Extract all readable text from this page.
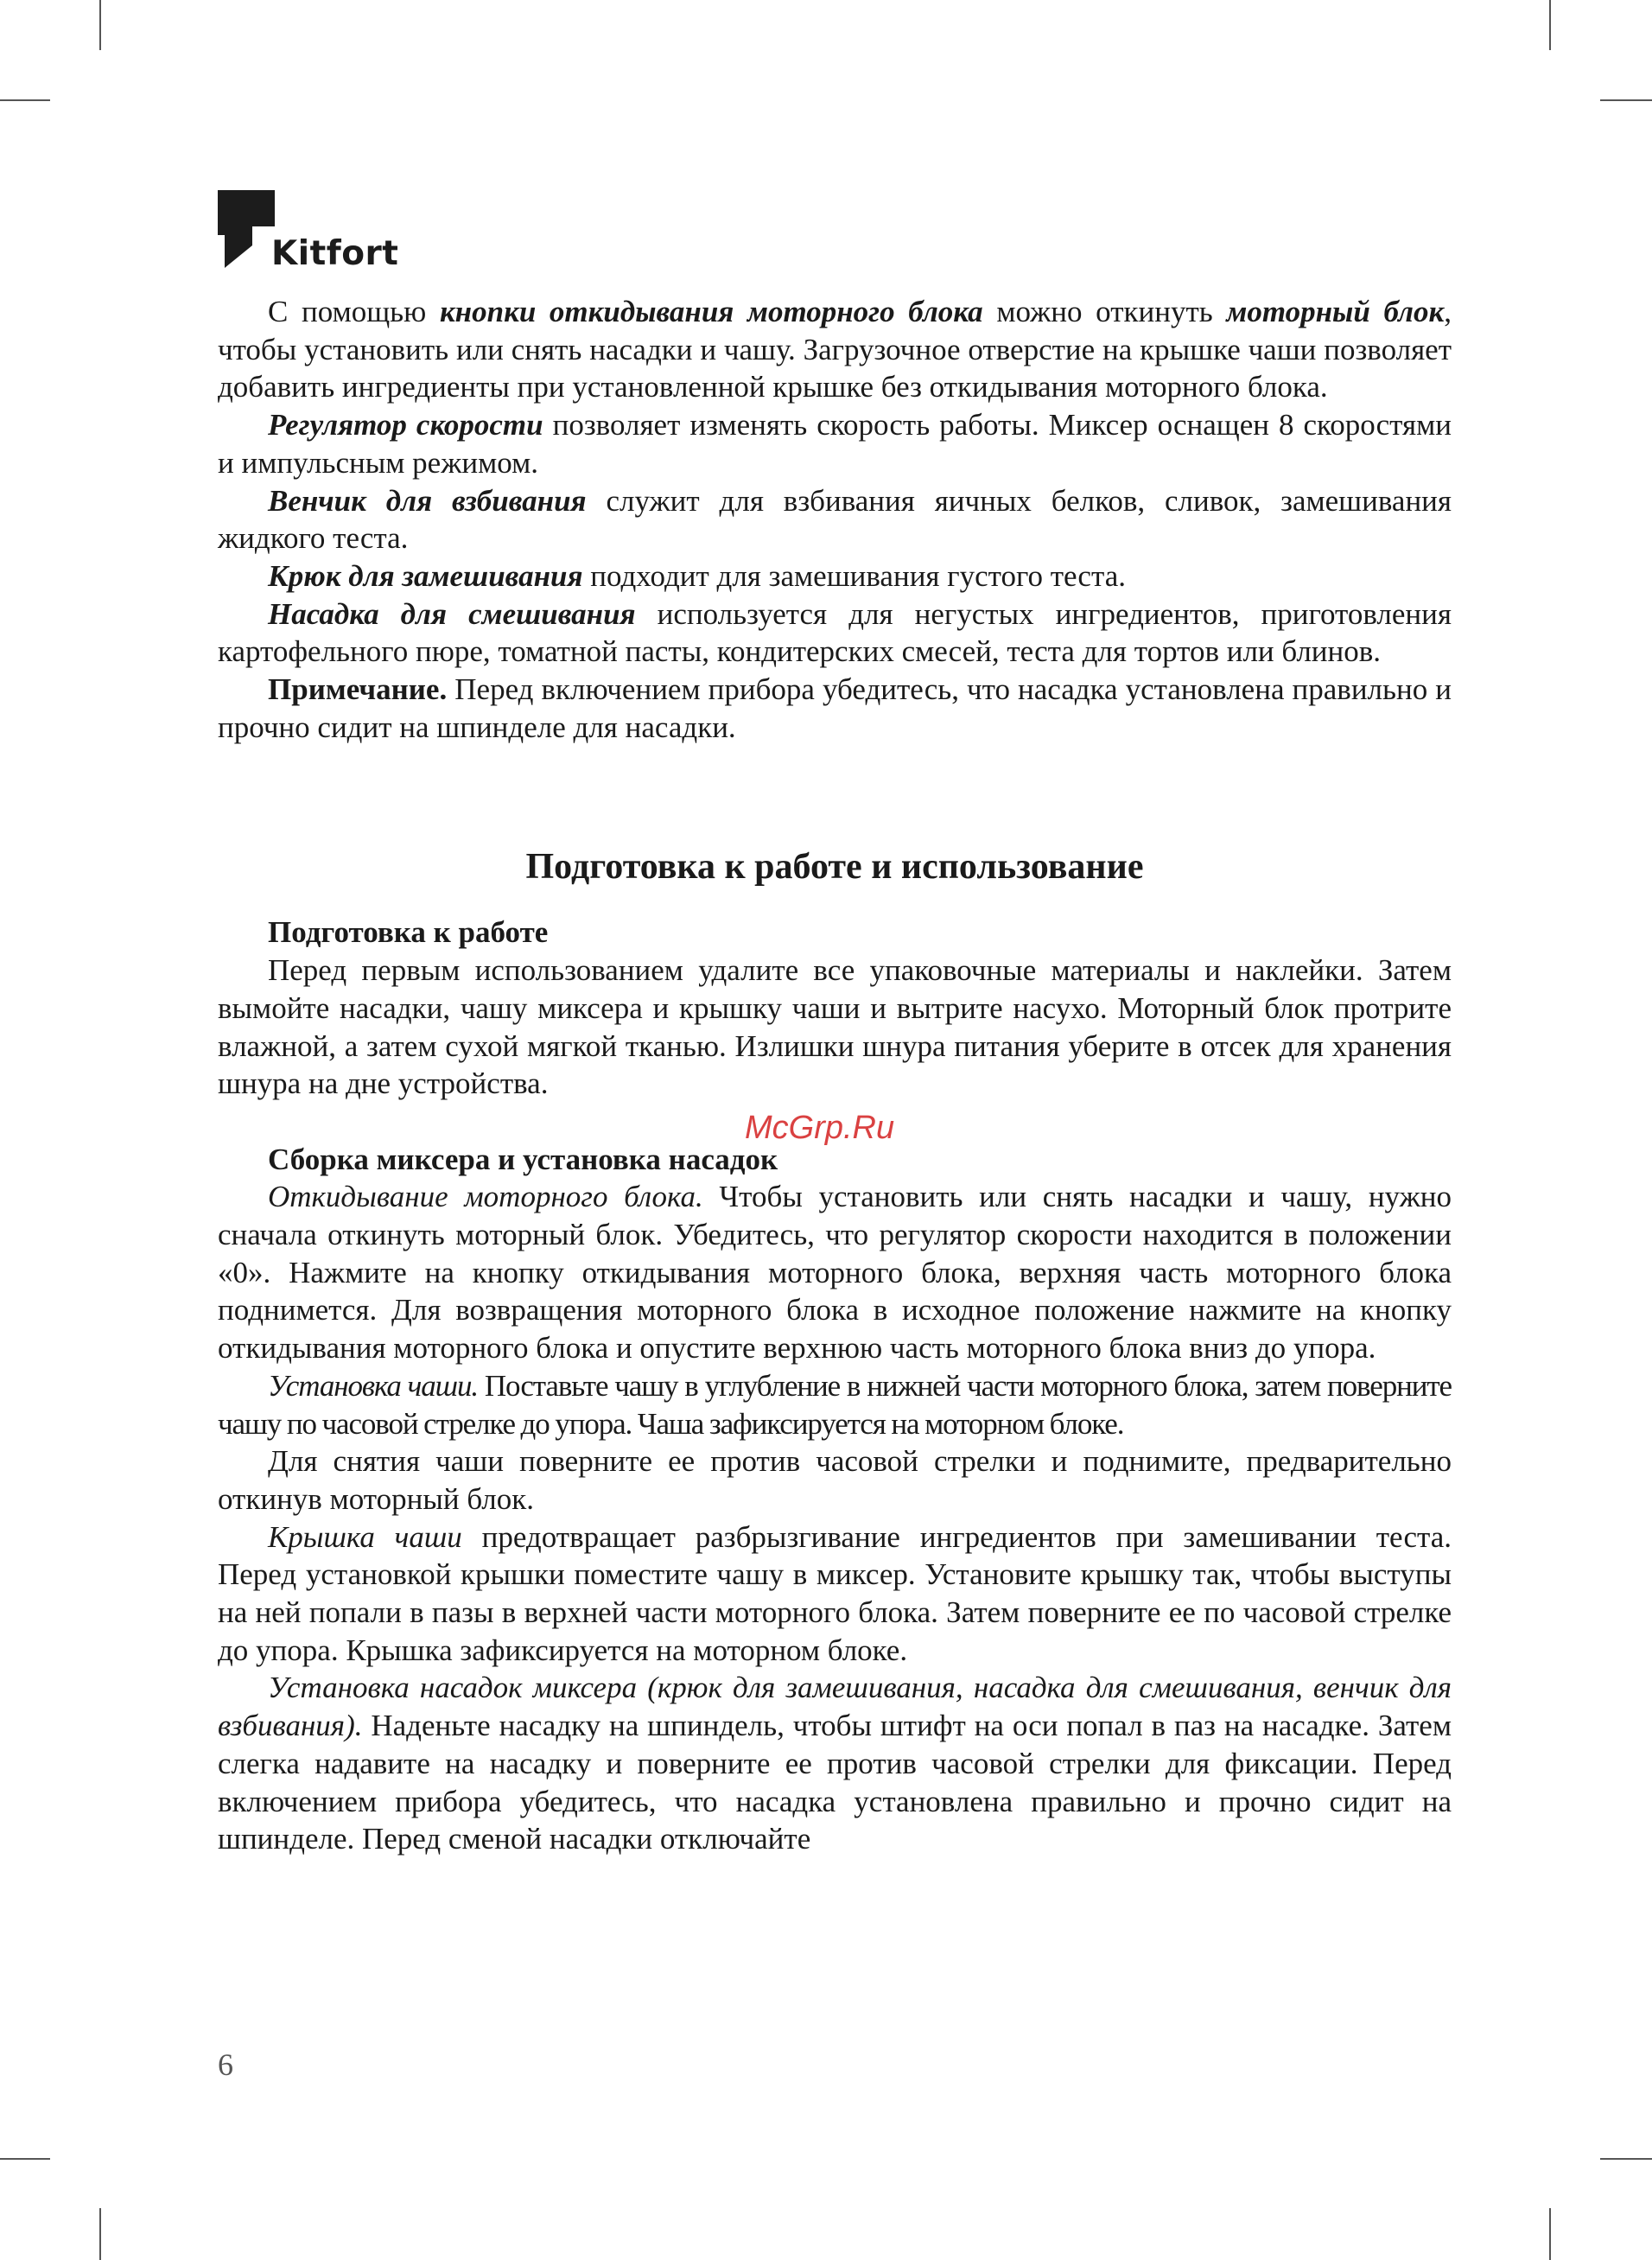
Kitfort

С помощью кнопки откидывания моторного блока можно откинуть моторный блок, чтобы установить или снять насадки и чашу. Загрузочное отверстие на крышке чаши позволяет добавить ингредиенты при установленной крышке без откидывания моторного блока.

Регулятор скорости позволяет изменять скорость работы. Миксер оснащен 8 скоростями и импульсным режимом.

Венчик для взбивания служит для взбивания яичных белков, сливок, замешивания жидкого теста.

Крюк для замешивания подходит для замешивания густого теста.

Насадка для смешивания используется для негустых ингредиентов, приготовления картофельного пюре, томатной пасты, кондитерских смесей, теста для тортов или блинов.

Примечание. Перед включением прибора убедитесь, что насадка установлена правильно и прочно сидит на шпинделе для насадки.

Подготовка к работе и использование

Подготовка к работе

Перед первым использованием удалите все упаковочные материалы и наклейки. Затем вымойте насадки, чашу миксера и крышку чаши и вытрите насухо. Моторный блок протрите влажной, а затем сухой мягкой тканью. Излишки шнура питания уберите в отсек для хранения шнура на дне устройства.

Сборка миксера и установка насадок

Откидывание моторного блока. Чтобы установить или снять насадки и чашу, нужно сначала откинуть моторный блок. Убедитесь, что регулятор скорости находится в положении «0». Нажмите на кнопку откидывания моторного блока, верхняя часть моторного блока поднимется. Для возвращения моторного блока в исходное положение нажмите на кнопку откидывания моторного блока и опустите верхнюю часть моторного блока вниз до упора.

Установка чаши. Поставьте чашу в углубление в нижней части моторного блока, затем поверните чашу по часовой стрелке до упора. Чаша зафиксируется на моторном блоке.

Для снятия чаши поверните ее против часовой стрелки и поднимите, предварительно откинув моторный блок.

Крышка чаши предотвращает разбрызгивание ингредиентов при замешивании теста. Перед установкой крышки поместите чашу в миксер. Установите крышку так, чтобы выступы на ней попали в пазы в верхней части моторного блока. Затем поверните ее по часовой стрелке до упора. Крышка зафиксируется на моторном блоке.

Установка насадок миксера (крюк для замешивания, насадка для смешивания, венчик для взбивания). Наденьте насадку на шпиндель, чтобы штифт на оси попал в паз на насадке. Затем слегка надавите на насадку и поверните ее против часовой стрелки для фиксации. Перед включением прибора убедитесь, что насадка установлена правильно и прочно сидит на шпинделе. Перед сменой насадки отключайте

McGrp.Ru
6
